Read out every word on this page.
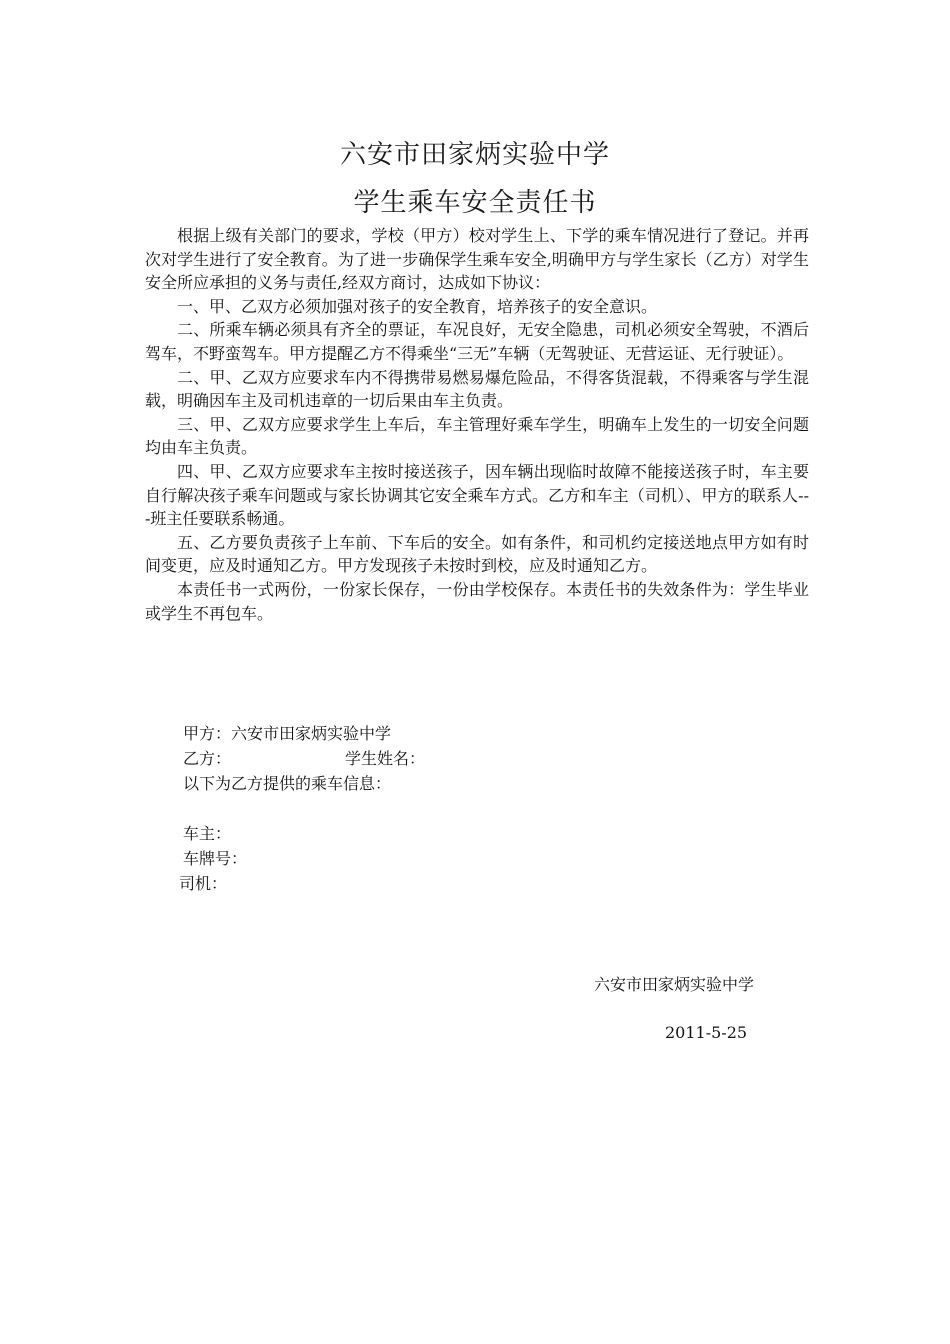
六安市田家炳实验中学
学生乘车安全责任书

根据上级有关部门的要求，学校（甲方）校对学生上、下学的乘车情况进行了登记。并再次对学生进行了安全教育。为了进一步确保学生乘车安全,明确甲方与学生家长（乙方）对学生安全所应承担的义务与责任,经双方商讨，达成如下协议：

一、甲、乙双方必须加强对孩子的安全教育，培养孩子的安全意识。

二、所乘车辆必须具有齐全的票证，车况良好，无安全隐患，司机必须安全驾驶，不酒后驾车，不野蛮驾车。甲方提醒乙方不得乘坐“三无”车辆（无驾驶证、无营运证、无行驶证）。

二、甲、乙双方应要求车内不得携带易燃易爆危险品，不得客货混载，不得乘客与学生混载，明确因车主及司机违章的一切后果由车主负责。

三、甲、乙双方应要求学生上车后，车主管理好乘车学生，明确车上发生的一切安全问题均由车主负责。

四、甲、乙双方应要求车主按时接送孩子，因车辆出现临时故障不能接送孩子时，车主要自行解决孩子乘车问题或与家长协调其它安全乘车方式。乙方和车主（司机）、甲方的联系人---班主任要联系畅通。

五、乙方要负责孩子上车前、下车后的安全。如有条件，和司机约定接送地点甲方如有时间变更，应及时通知乙方。甲方发现孩子未按时到校，应及时通知乙方。

本责任书一式两份，一份家长保存，一份由学校保存。本责任书的失效条件为：学生毕业或学生不再包车。

甲方：六安市田家炳实验中学
乙方：	学生姓名：
以下为乙方提供的乘车信息：
车主：
车牌号：
司机：
六安市田家炳实验中学
2011-5-25
